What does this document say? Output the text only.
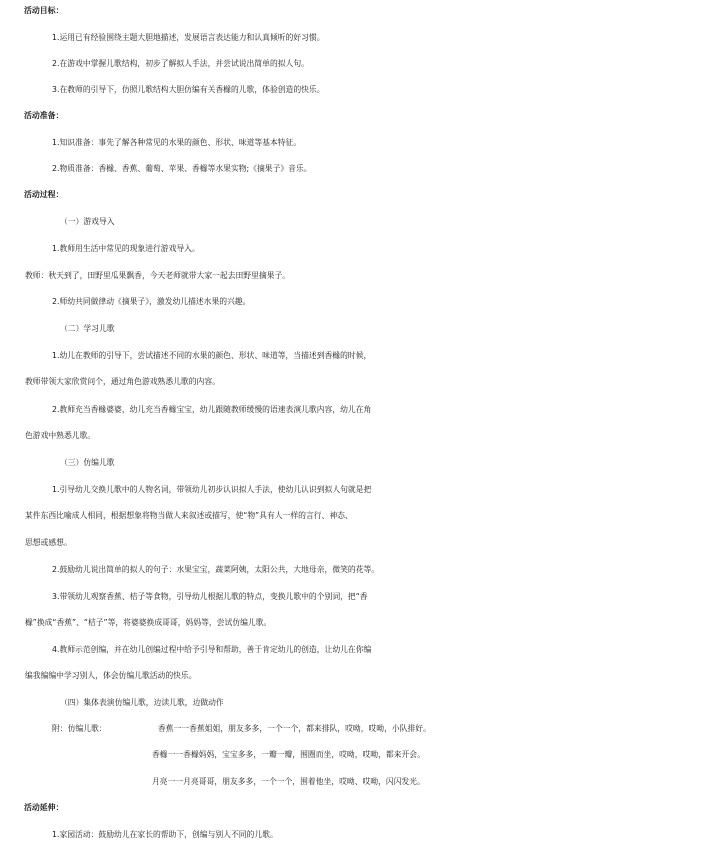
活动目标：
1.运用已有经验围绕主题大胆地描述，发展语言表达能力和认真倾听的好习惯。
2.在游戏中掌握儿歌结构，初步了解拟人手法，并尝试说出简单的拟人句。
3.在教师的引导下，仿照儿歌结构大胆仿编有关香橼的儿歌，体验创造的快乐。
活动准备：
1.知识准备：事先了解各种常见的水果的颜色、形状、味道等基本特征。
2.物质准备：香橼、香蕉、葡萄、苹果、香橼等水果实物;《摘果子》音乐。
活动过程：
（一）游戏导入
1.教师用生活中常见的现象进行游戏导入。
教师：秋天到了，田野里瓜果飘香，今天老师就带大家一起去田野里摘果子。
2.师幼共同做律动《摘果子》，激发幼儿描述水果的兴趣。
（二）学习儿歌
1.幼儿在教师的引导下，尝试描述不同的水果的颜色、形状、味道等，当描述到香橼的时候，
教师带领大家欣赏问个，通过角色游戏熟悉儿歌的内容。
2.教师充当香橼婆婆，幼儿充当香橼宝宝，幼儿跟随教师缓慢的语速表演儿歌内容，幼儿在角
色游戏中熟悉儿歌。
（三）仿编儿歌
1.引导幼儿交换儿歌中的人物名词，带领幼儿初步认识拟人手法，使幼儿认识到拟人句就是把
某件东西比喻成人相同，根据想象将物当做人来叙述或描写，使“物”具有人一样的言行、神态、
思想或感想。
2.鼓励幼儿说出简单的拟人的句子：水果宝宝，蔬菜阿姨，太阳公共，大地母亲，微笑的花等。
3.带领幼儿观察香蕉、桔子等食物，引导幼儿根据儿歌的特点，变换儿歌中的个别词，把“香
橼”换成“香蕉”、“桔子”等，将婆婆换成哥哥，妈妈等，尝试仿编儿歌。
4.教师示范创编，并在幼儿创编过程中给予引导和帮助，善于肯定幼儿的创造，让幼儿在你编
编我编编中学习别人，体会仿编儿歌活动的快乐。
（四）集体表演仿编儿歌，边读儿歌，边做动作
附：仿编儿歌：	香蕉一一香蕉姐姐，朋友多多，一个一个，都来排队，哎呦，哎呦，小队排好。
香橼一一香橼妈妈，宝宝多多，一瓣一瓣，围圈而坐，哎呦，哎呦，都来开会。
月亮一一月亮哥哥，朋友多多，一个一个，围着他坐，哎呦、哎呦，闪闪发光。
活动延伸：
1.家园活动：鼓励幼儿在家长的帮助下，创编与别人不同的儿歌。
